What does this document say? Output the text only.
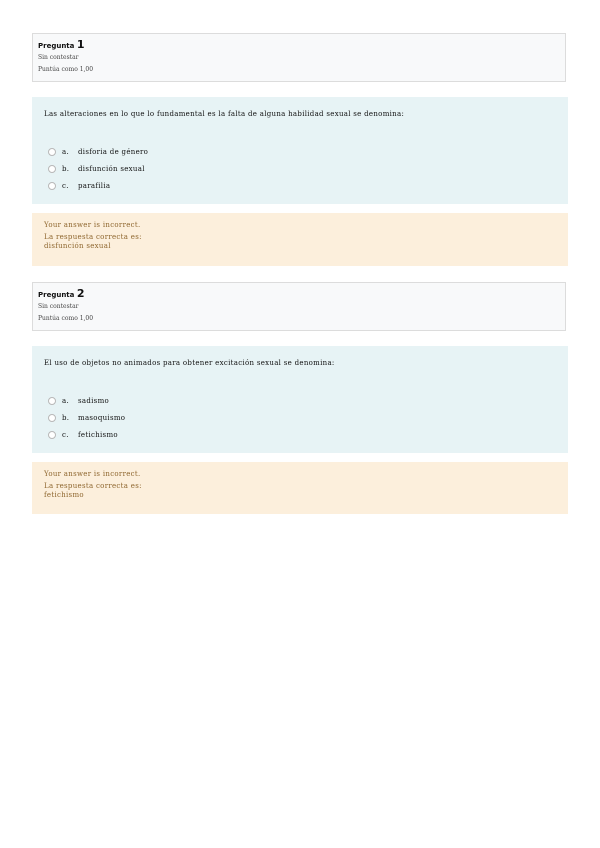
Pregunta 1
Sin contestar
Puntúa como 1,00
Las alteraciones en lo que lo fundamental es la falta de alguna habilidad sexual se denomina:
a.	disforia de género
b.	disfunción sexual
c.	parafilia
Your answer is incorrect.
La respuesta correcta es:
disfunción sexual
Pregunta 2
Sin contestar
Puntúa como 1,00
El uso de objetos no animados para obtener excitación sexual se denomina:
a.	sadismo
b.	masoquismo
c.	fetichismo
Your answer is incorrect.
La respuesta correcta es:
fetichismo
